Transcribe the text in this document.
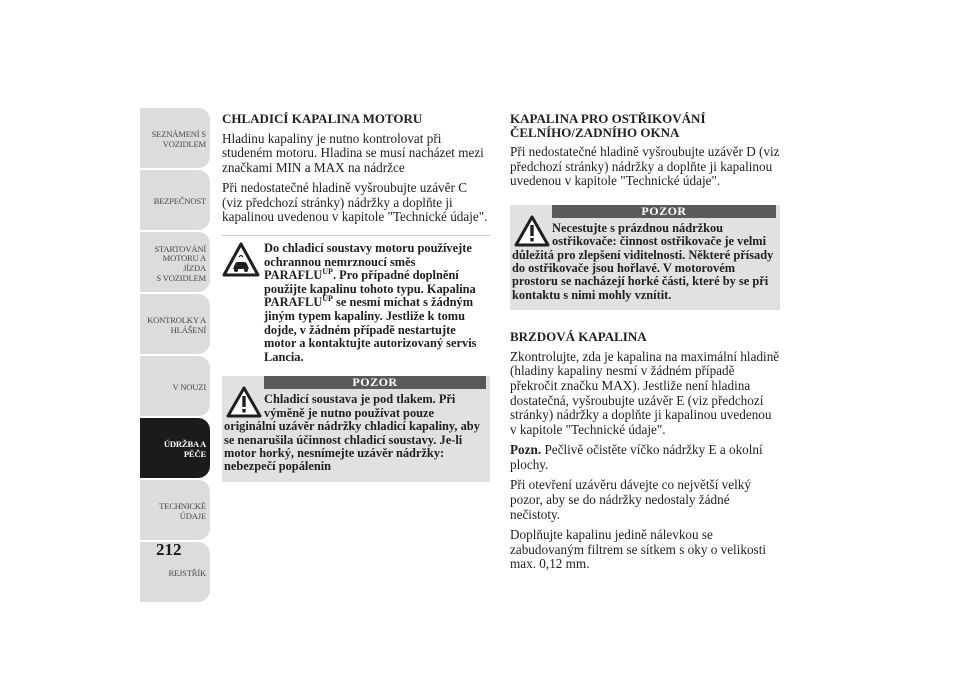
SEZNÁMENÍ S
VOZIDLEM
BEZPEČNOST
STARTOVÁNÍ
MOTORU A JÍZDA
S VOZIDLEM
KONTROLKY A
HLÁŠENÍ
V NOUZI
ÚDRŽBA A PÉČE
TECHNICKÉ
ÚDAJE
REJSTŘÍK
212
CHLADICÍ KAPALINA MOTORU

Hladinu kapaliny je nutno kontrolovat při studeném motoru. Hladina se musí nacházet mezi značkami MIN a MAX na nádržce

Při nedostatečné hladině vyšroubujte uzávěr C (viz předchozí stránky) nádržky a doplňte ji kapalinou uvedenou v kapitole "Technické údaje".

Do chladicí soustavy motoru používejte ochrannou nemrznoucí směs $PARAFLU^{UP}$. Pro případné doplnění použijte kapalinu tohoto typu. Kapalina $PARAFLU^{UP}$ se nesmí míchat s žádným jiným typem kapaliny. Jestliže k tomu dojde, v žádném případě nestartujte motor a kontaktujte autorizovaný servis Lancia.
POZOR
Chladicí soustava je pod tlakem. Při výměně je nutno používat pouze
originální uzávěr nádržky chladicí kapaliny, aby se nenarušila účinnost chladicí soustavy. Je-li motor horký, nesnímejte uzávěr nádržky: nebezpečí popálenin
KAPALINA PRO OSTŘIKOVÁNÍ ČELNÍHO/ZADNÍHO OKNA

Při nedostatečné hladině vyšroubujte uzávěr D (viz předchozí stránky) nádržky a doplňte ji kapalinou uvedenou v kapitole "Technické údaje".

POZOR
Necestujte s prázdnou nádržkou ostřikovače: činnost ostřikovače je velmi
důležitá pro zlepšení viditelnosti. Některé přísady do ostřikovače jsou hořlavé. V motorovém prostoru se nacházejí horké části, které by se při kontaktu s nimi mohly vznítit.
BRZDOVÁ KAPALINA

Zkontrolujte, zda je kapalina na maximální hladině (hladiny kapaliny nesmí v žádném případě překročit značku MAX). Jestliže není hladina dostatečná, vyšroubujte uzávěr E (viz předchozí stránky) nádržky a doplňte ji kapalinou uvedenou v kapitole "Technické údaje".

Pozn. Pečlivě očistěte víčko nádržky E a okolní plochy.

Při otevření uzávěru dávejte co největší velký pozor, aby se do nádržky nedostaly žádné nečistoty.

Doplňujte kapalinu jedině nálevkou se zabudovaným filtrem se sítkem s oky o velikosti max. 0,12 mm.
